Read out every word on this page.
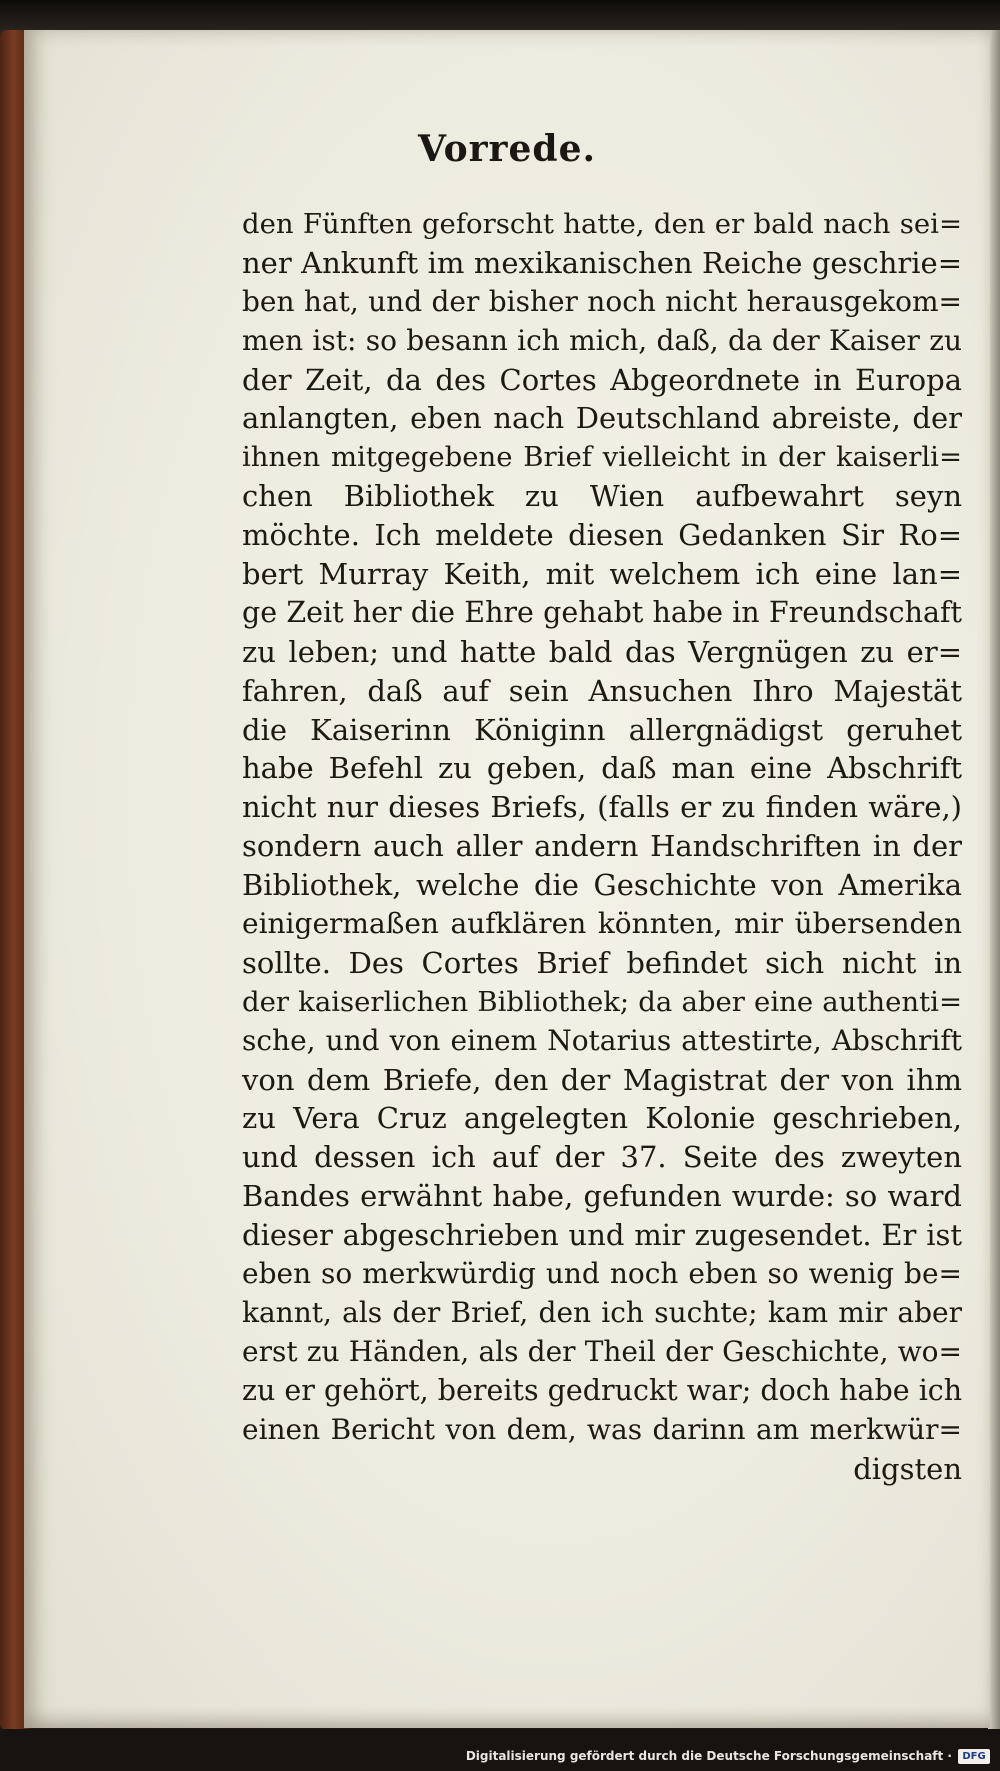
Vorrede.
den Fünften geforscht hatte, den er bald nach sei=
ner Ankunft im mexikanischen Reiche geschrie=
ben hat, und der bisher noch nicht herausgekom=
men ist: so besann ich mich, daß, da der Kaiser zu
der Zeit, da des Cortes Abgeordnete in Europa
anlangten, eben nach Deutschland abreiste, der
ihnen mitgegebene Brief vielleicht in der kaiserli=
chen Bibliothek zu Wien aufbewahrt seyn
möchte. Ich meldete diesen Gedanken Sir Ro=
bert Murray Keith, mit welchem ich eine lan=
ge Zeit her die Ehre gehabt habe in Freundschaft
zu leben; und hatte bald das Vergnügen zu er=
fahren, daß auf sein Ansuchen Ihro Majestät
die Kaiserinn Königinn allergnädigst geruhet
habe Befehl zu geben, daß man eine Abschrift
nicht nur dieses Briefs, (falls er zu finden wäre,)
sondern auch aller andern Handschriften in der
Bibliothek, welche die Geschichte von Amerika
einigermaßen aufklären könnten, mir übersenden
sollte. Des Cortes Brief befindet sich nicht in
der kaiserlichen Bibliothek; da aber eine authenti=
sche, und von einem Notarius attestirte, Abschrift
von dem Briefe, den der Magistrat der von ihm
zu Vera Cruz angelegten Kolonie geschrieben,
und dessen ich auf der 37. Seite des zweyten
Bandes erwähnt habe, gefunden wurde: so ward
dieser abgeschrieben und mir zugesendet. Er ist
eben so merkwürdig und noch eben so wenig be=
kannt, als der Brief, den ich suchte; kam mir aber
erst zu Händen, als der Theil der Geschichte, wo=
zu er gehört, bereits gedruckt war; doch habe ich
einen Bericht von dem, was darinn am merkwür=
digsten
Digitalisierung gefördert durch die Deutsche Forschungsgemeinschaft ·	DFG
